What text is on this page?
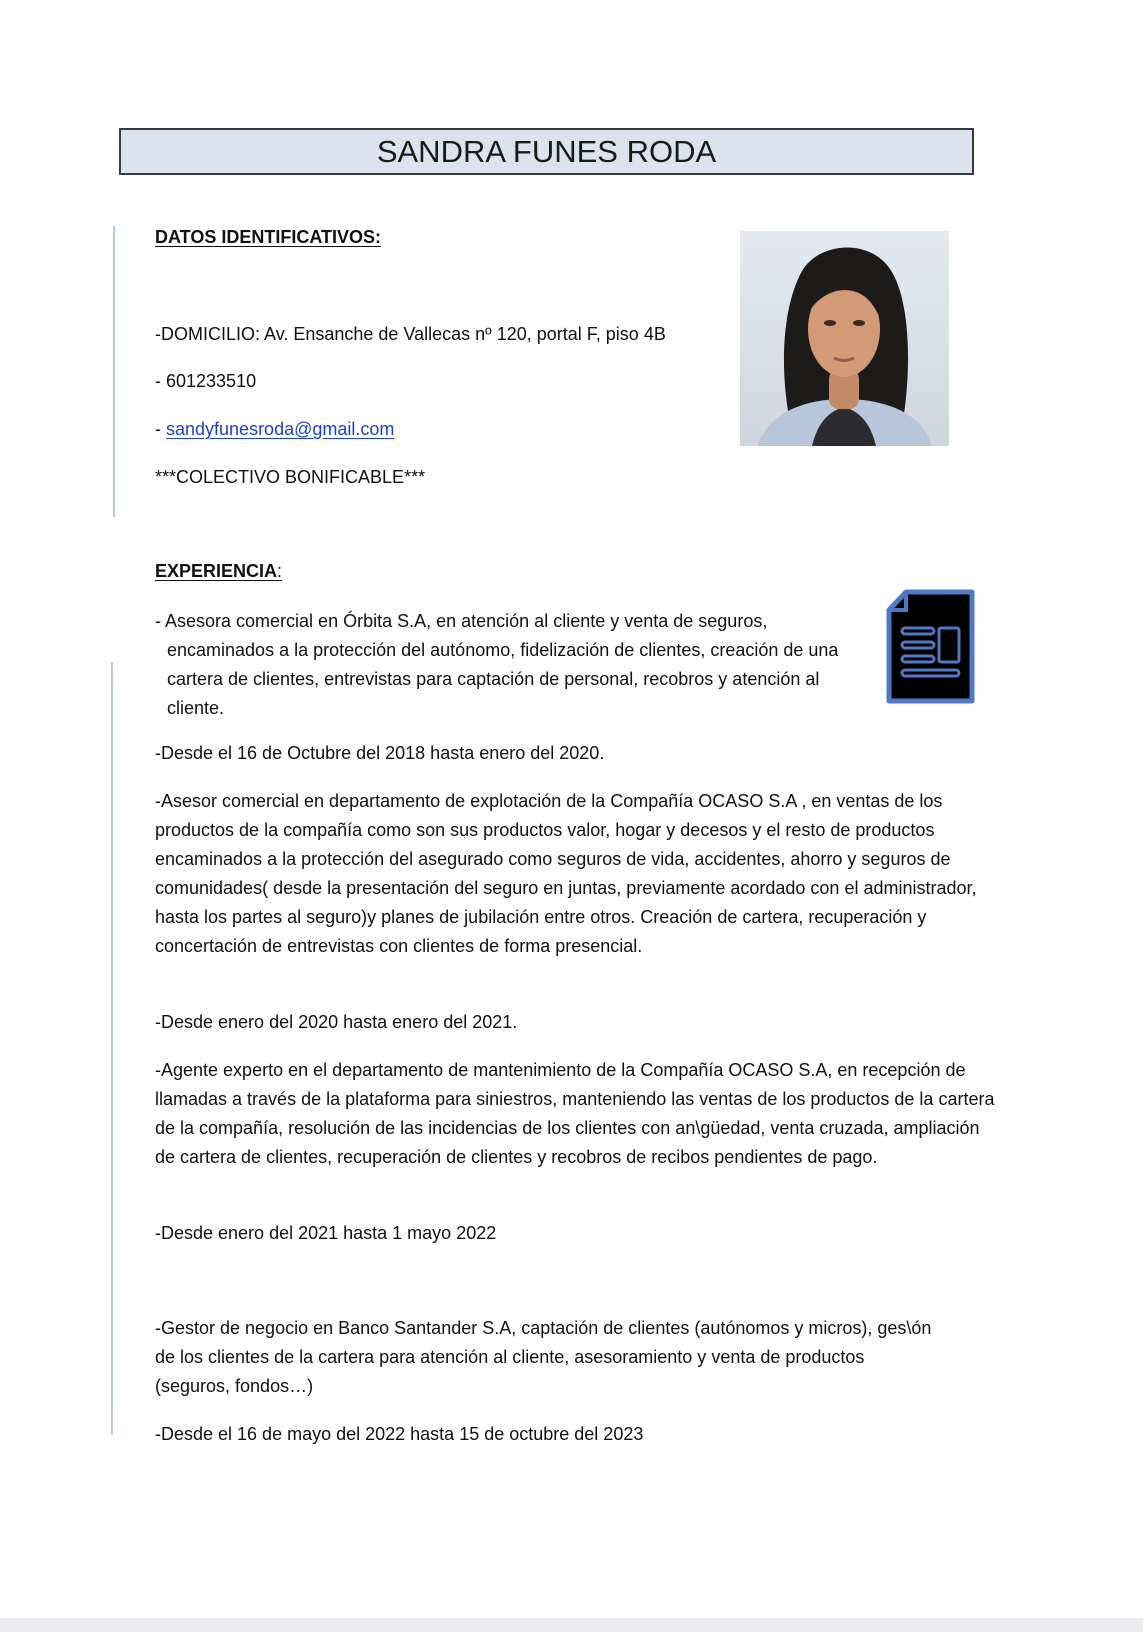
SANDRA FUNES RODA
DATOS IDENTIFICATIVOS:
-DOMICILIO: Av. Ensanche de Vallecas nº 120, portal F, piso 4B
- 601233510
- sandyfunesroda@gmail.com
***COLECTIVO BONIFICABLE***
EXPERIENCIA:
- Asesora comercial en Órbita S.A, en atención al cliente y venta de seguros, encaminados a la protección del autónomo, fidelización de clientes, creación de una cartera de clientes, entrevistas para captación de personal, recobros y atención al cliente.
-Desde el 16 de Octubre del 2018 hasta enero del 2020.
-Asesor comercial en departamento de explotación de la Compañía OCASO S.A , en ventas de los productos de la compañía como son sus productos valor, hogar y decesos y el resto de productos encaminados a la protección del asegurado como seguros de vida, accidentes, ahorro y seguros de comunidades( desde la presentación del seguro en juntas, previamente acordado con el administrador, hasta los partes al seguro)y planes de jubilación entre otros. Creación de cartera, recuperación y concertación de entrevistas con clientes de forma presencial.
-Desde enero del 2020 hasta enero del 2021.
-Agente experto en el departamento de mantenimiento de la Compañía OCASO S.A, en recepción de llamadas a través de la plataforma para siniestros, manteniendo las ventas de los productos de la cartera de la compañía, resolución de las incidencias de los clientes con an\güedad, venta cruzada, ampliación de cartera de clientes, recuperación de clientes y recobros de recibos pendientes de pago.
-Desde enero del 2021 hasta 1 mayo 2022
-Gestor de negocio en Banco Santander S.A, captación de clientes (autónomos y micros), ges\ón de los clientes de la cartera para atención al cliente, asesoramiento y venta de productos (seguros, fondos…)
-Desde el 16 de mayo del 2022 hasta 15 de octubre del 2023
